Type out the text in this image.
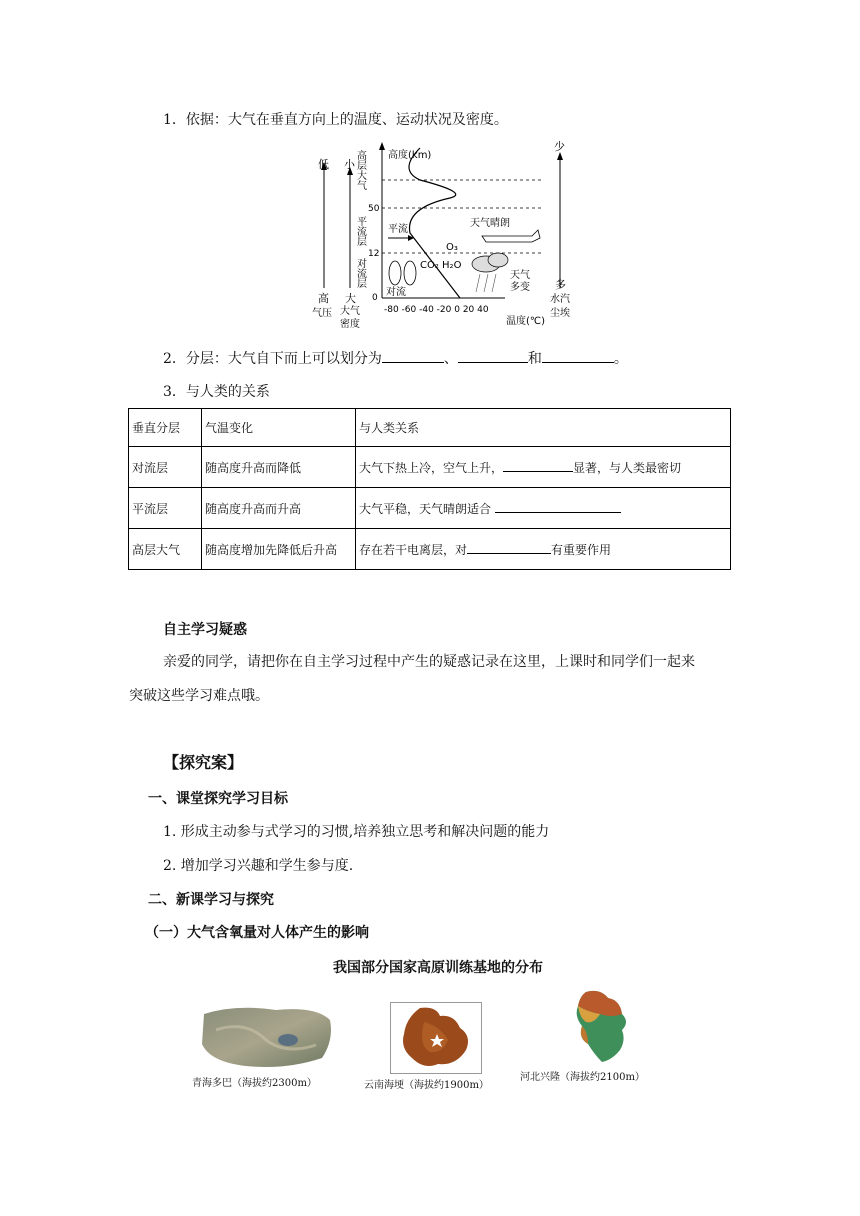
1．依据：大气在垂直方向上的温度、运动状况及密度。
低 小
高
气压
大
大气
密度
高层大气
平流层
对流层
高度(km)
50
12
0
-80 -60 -40 -20 0 20 40
温度(℃)
平流
O₃
天气晴朗
CO₂ H₂O
天气
多变
对流
少
多
水汽
尘埃
2．分层：大气自下而上可以划分为	、	和	。
3．与人类的关系
垂直分层	气温变化	与人类关系
对流层	随高度升高而降低	大气下热上冷，空气上升， 显著，与人类最密切
平流层	随高度升高而升高	大气平稳，天气晴朗适合
高层大气	随高度增加先降低后升高	存在若干电离层，对 有重要作用
自主学习疑惑
亲爱的同学，请把你在自主学习过程中产生的疑惑记录在这里，上课时和同学们一起来
突破这些学习难点哦。
【探究案】
一、课堂探究学习目标
1. 形成主动参与式学习的习惯,培养独立思考和解决问题的能力
2. 增加学习兴趣和学生参与度.
二、新课学习与探究
（一）大气含氧量对人体产生的影响
我国部分国家高原训练基地的分布
青海多巴（海拔约2300m）	云南海埂（海拔约1900m）
河北兴隆（海拔约2100m）
